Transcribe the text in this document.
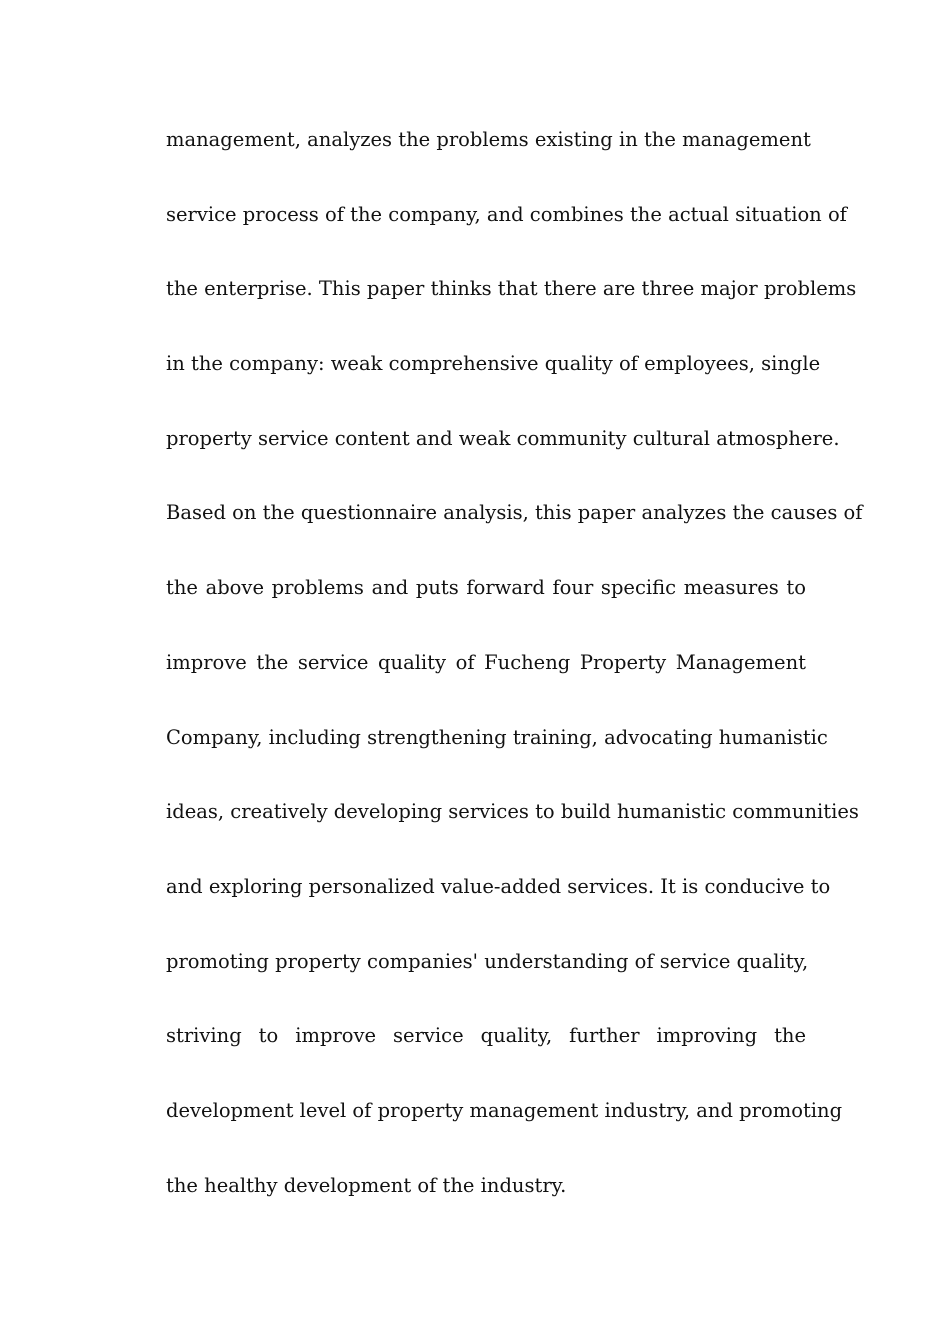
management, analyzes the problems existing in the management
service process of the company, and combines the actual situation of
the enterprise. This paper thinks that there are three major problems
in the company: weak comprehensive quality of employees, single
property service content and weak community cultural atmosphere.
Based on the questionnaire analysis, this paper analyzes the causes of
the above problems and puts forward four specific measures to
improve the service quality of Fucheng Property Management
Company, including strengthening training, advocating humanistic
ideas, creatively developing services to build humanistic communities
and exploring personalized value-added services. It is conducive to
promoting property companies' understanding of service quality,
striving to improve service quality, further improving the
development level of property management industry, and promoting
the healthy development of the industry.
